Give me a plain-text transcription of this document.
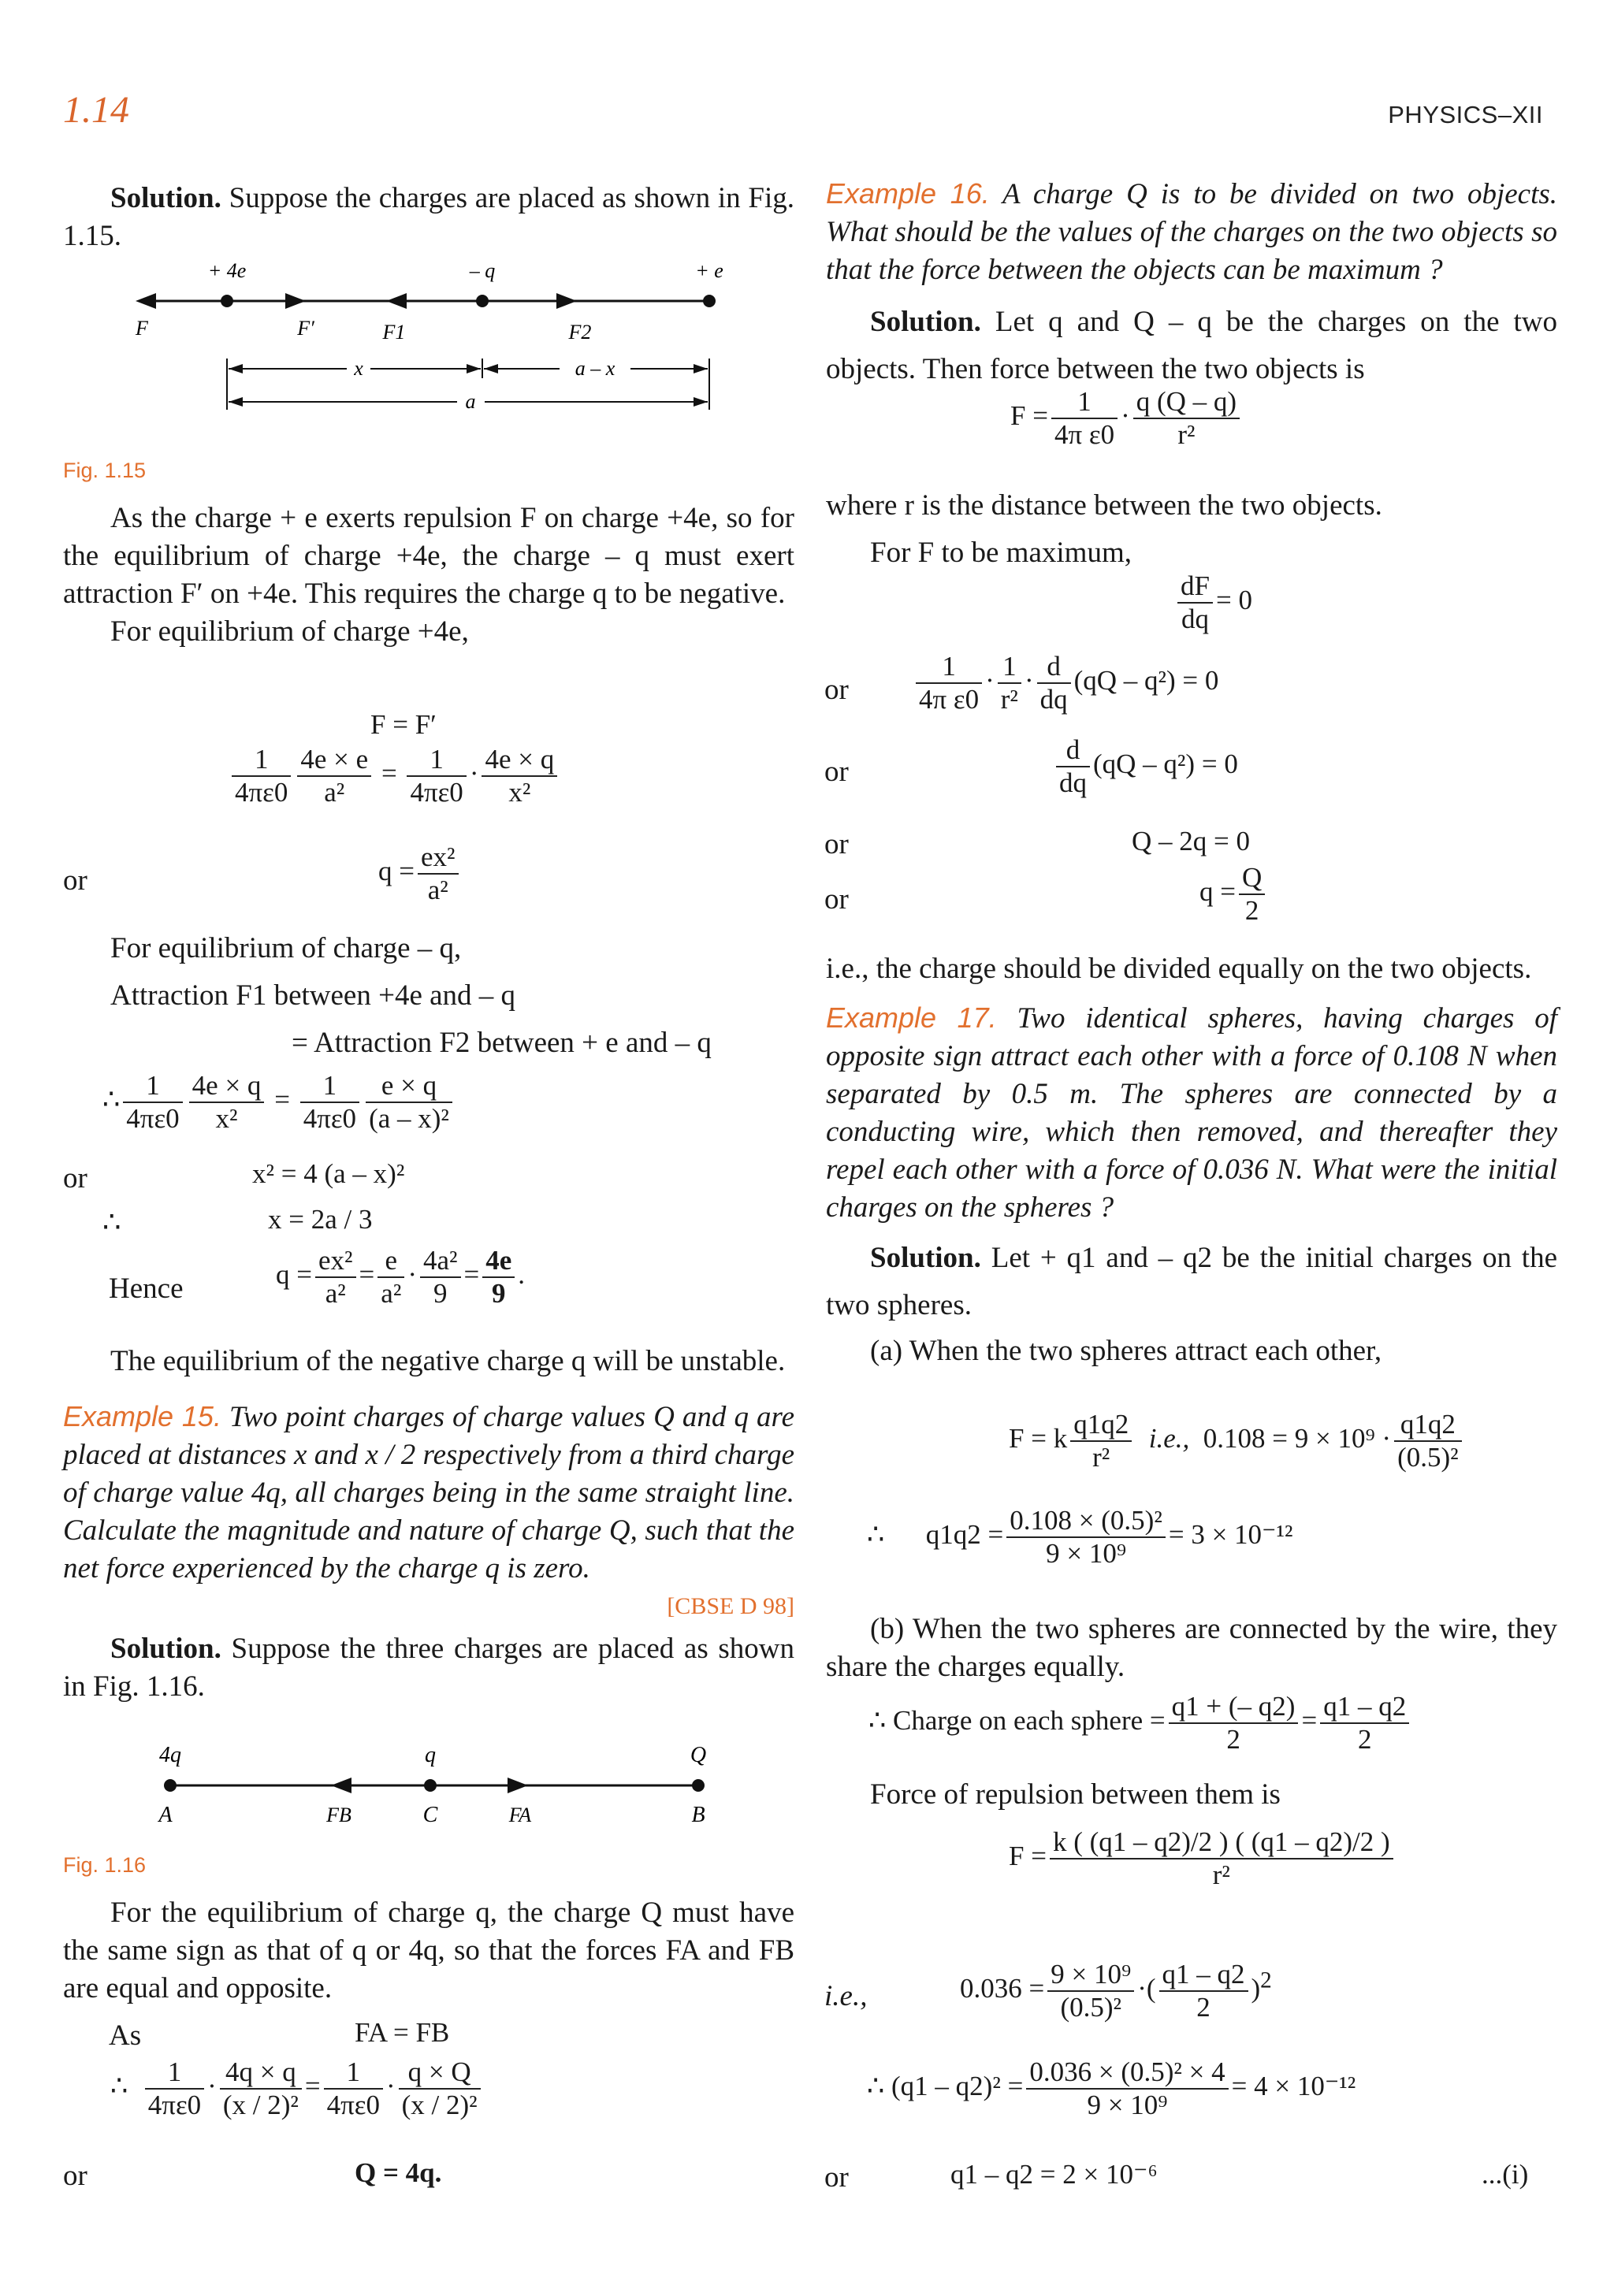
1.14	PHYSICS–XII

Solution. Suppose the charges are placed as shown in Fig. 1.15.

+ 4e	– q	+ e
F	F′	F1	F2
x	a – x
a
Fig. 1.15

As the charge + e exerts repulsion F on charge +4e, so for the equilibrium of charge +4e, the charge – q must exert attraction F′ on +4e. This requires the charge q to be negative.

For equilibrium of charge +4e,

F = F′
$\frac{1}{4\pi\varepsilon 0} \frac{4e \times e}{\text{a²}} = \frac{1}{4\pi\varepsilon 0} \cdot \frac{4e \times q}{\text{x²}}$
or	$q = \frac{\text{ex²}}{\text{a²}}$

For equilibrium of charge – q,

Attraction F1 between +4e and – q

= Attraction F2 between + e and – q

∴ $\frac{1}{4\pi\varepsilon 0} \frac{4e \times q}{\text{x²}} = \frac{1}{4\pi\varepsilon 0} \frac{e \times q}{\text{(a – x)²}}$
or	x² = 4 (a – x)²
∴	x = 2a / 3
Hence	$q = \frac{\text{ex²}}{\text{a²}} = \frac{e}{\text{a²}} \cdot \frac{\text{4a²}}{9} = \frac{4e}{9}$ .

The equilibrium of the negative charge q will be unstable.

Example 15. Two point charges of charge values Q and q are placed at distances x and x / 2 respectively from a third charge of charge value 4q, all charges being in the same straight line. Calculate the magnitude and nature of charge Q, such that the net force experienced by the charge q is zero.

[CBSE D 98]

Solution. Suppose the three charges are placed as shown in Fig. 1.16.

4q	q	Q
A	FB	C	FA	B
Fig. 1.16

For the equilibrium of charge q, the charge Q must have the same sign as that of q or 4q, so that the forces FA and FB are equal and opposite.

As	FA = FB
∴ $\frac{1}{4\pi\varepsilon 0} \cdot \frac{4q \times q}{\text{(x / 2)²}} = \frac{1}{4\pi\varepsilon 0} \cdot \frac{q \times Q}{\text{(x / 2)²}}$
or	Q = 4q.

Example 16. A charge Q is to be divided on two objects. What should be the values of the charges on the two objects so that the force between the objects can be maximum ?

Solution. Let q and Q – q be the charges on the two objects. Then force between the two objects is

$F = \frac{1}{\text{4π ε0}} \cdot \frac{q (Q - q)}{\text{r²}}$

where r is the distance between the two objects.

For F to be maximum,

$\frac{dF}{dq} = 0$
or $\frac{1}{\text{4π ε0}} \cdot \frac{1}{\text{r²}} \cdot \frac{d}{dq} (qQ - q^2) = 0$
or	$\frac{d}{dq} (qQ - q^2) = 0$
or	Q – 2q = 0
or	$q = \frac{Q}{2}$

i.e., the charge should be divided equally on the two objects.

Example 17. Two identical spheres, having charges of opposite sign attract each other with a force of 0.108 N when separated by 0.5 m. The spheres are connected by a conducting wire, which then removed, and thereafter they repel each other with a force of 0.036 N. What were the initial charges on the spheres ?

Solution. Let + q1 and – q2 be the initial charges on the two spheres.

(a) When the two spheres attract each other,

F = k $\frac{q1q2}{\text{r²}} i.e$., $0.108 = 9 \times 10^9 \cdot \frac{q1q2}{\text{(0.5)²}}$
∴ $q1q2 = \frac{\text{0.108 × (0.5)²}}{\text{9 × 10⁹}} = 3 \times 10^{-12}$

(b) When the two spheres are connected by the wire, they share the charges equally.

∴ Charge on each sphere = $\frac{q1 + (- q2)}{2} = \frac{q1 - q2}{2}$
Force of repulsion between them is
$F = \frac{k ( (q1 - q2)/2 ) ( (q1 - q2)/2 )}{\text{r²}}$
i.e.,	$0.036 = \frac{\text{9 × 10⁹}}{\text{(0.5)²}}$ ·( $\frac{q1 - q2}{2} )^2$
∴ $(q1 - q2)^2 = \frac{\text{0.036 × (0.5)² × 4}}{\text{9 × 10⁹}} = 4 \times 10^{-12}$
or	q1 – q2 = 2 × 10⁻⁶	...(i)
